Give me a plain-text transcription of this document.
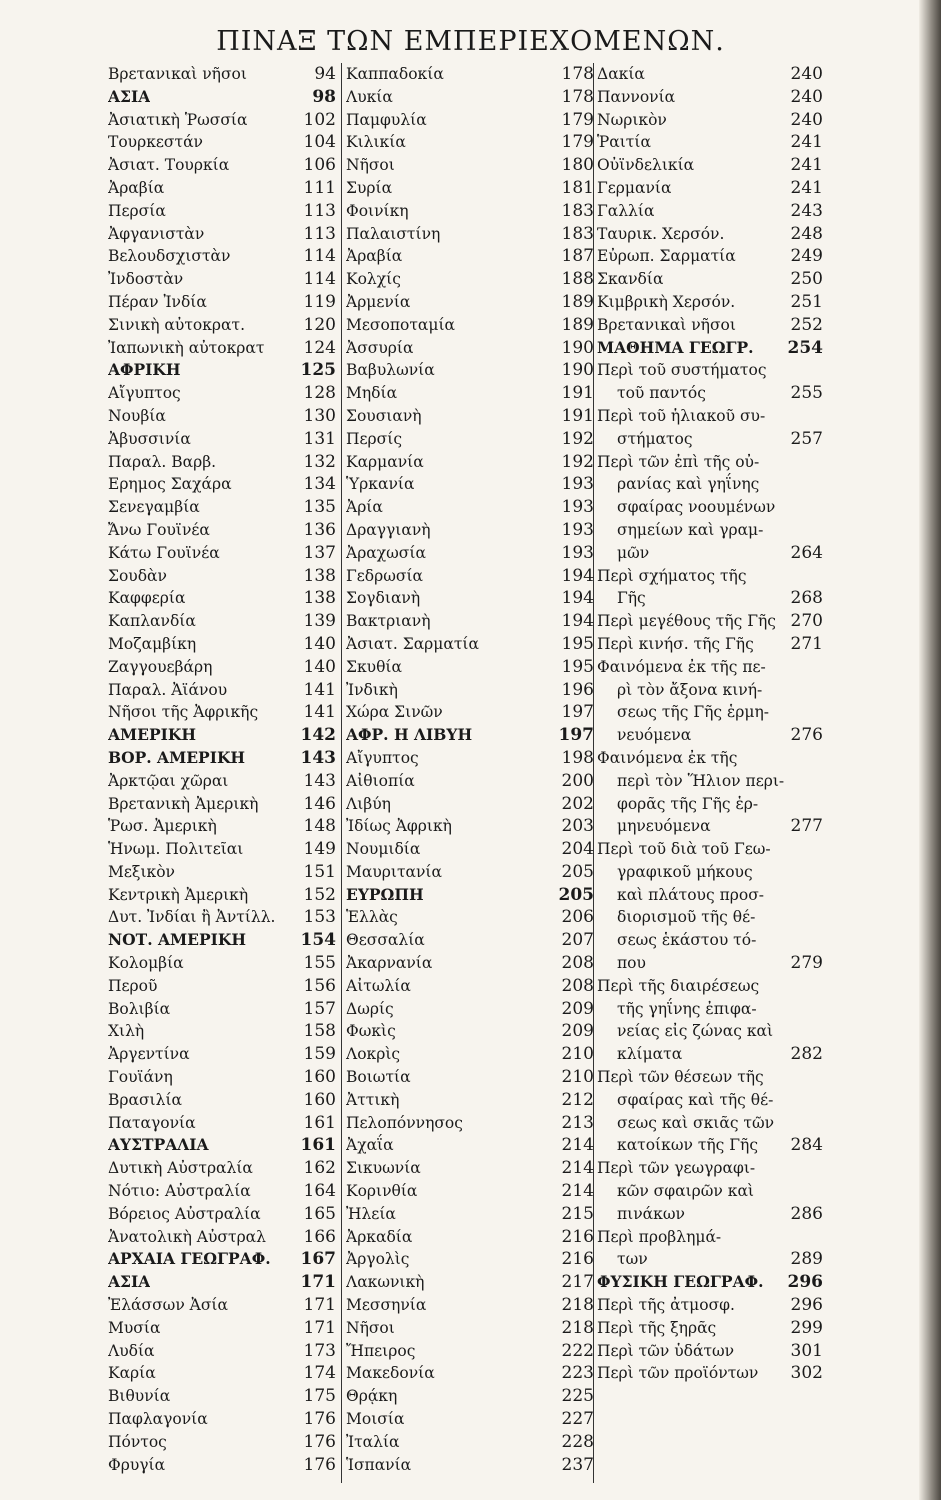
ΠΙΝΑΞ ΤΩΝ ΕΜΠΕΡΙΕΧΟΜΕΝΩΝ.
Βρετανικαὶ νῆσοι	94
ΑΣΙΑ	98
Ἀσιατικὴ Ῥωσσία	102
Τουρκεστάν	104
Ἀσιατ. Τουρκία	106
Ἀραβία	111
Περσία	113
Ἀφγανιστὰν	113
Βελουδσχιστὰν	114
Ἰνδοστὰν	114
Πέραν Ἰνδία	119
Σινικὴ αὐτοκρατ.	120
Ἰαπωνικὴ αὐτοκρατ	124
ΑΦΡΙΚΗ	125
Αἴγυπτος	128
Νουβία	130
Ἀβυσσινία	131
Παραλ. Βαρβ.	132
Ερημος Σαχάρα	134
Σενεγαμβία	135
Ἄνω Γουϊνέα	136
Κάτω Γουϊνέα	137
Σουδὰν	138
Καφφερία	138
Καπλανδία	139
Μοζαμβίκη	140
Ζαγγουεβάρη	140
Παραλ. Ἀϊάνου	141
Νῆσοι τῆς Ἀφρικῆς	141
ΑΜΕΡΙΚΗ	142
ΒΟΡ. ΑΜΕΡΙΚΗ	143
Ἀρκτῷαι χῶραι	143
Βρετανικὴ Ἀμερικὴ	146
Ῥωσ. Ἀμερικὴ	148
Ἡνωμ. Πολιτεῖαι	149
Μεξικὸν	151
Κεντρικὴ Ἀμερικὴ	152
Δυτ. Ἰνδίαι ἢ Ἀντίλλ.	153
ΝΟΤ. ΑΜΕΡΙΚΗ	154
Κολομβία	155
Περοῦ	156
Βολιβία	157
Χιλὴ	158
Ἀργεντίνα	159
Γουϊάνη	160
Βρασιλία	160
Παταγονία	161
ΑΥΣΤΡΑΛΙΑ	161
Δυτικὴ Αὐστραλία	162
Νότιο: Αὐστραλία	164
Βόρειος Αὐστραλία	165
Ἀνατολικὴ Αὐστραλ	166
ΑΡΧΑΙΑ ΓΕΩΓΡΑΦ.	167
ΑΣΙΑ	171
Ἐλάσσων Ἀσία	171
Μυσία	171
Λυδία	173
Καρία	174
Βιθυνία	175
Παφλαγονία	176
Πόντος	176
Φρυγία	176
Καππαδοκία	178
Λυκία	178
Παμφυλία	179
Κιλικία	179
Νῆσοι	180
Συρία	181
Φοινίκη	183
Παλαιστίνη	183
Ἀραβία	187
Κολχίς	188
Ἀρμενία	189
Μεσοποταμία	189
Ἀσσυρία	190
Βαβυλωνία	190
Μηδία	191
Σουσιανὴ	191
Περσίς	192
Καρμανία	192
Ὑρκανία	193
Ἀρία	193
Δραγγιανὴ	193
Ἀραχωσία	193
Γεδρωσία	194
Σογδιανὴ	194
Βακτριανὴ	194
Ἀσιατ. Σαρματία	195
Σκυθία	195
Ἰνδικὴ	196
Χώρα Σινῶν	197
ΑΦΡ. Η ΛΙΒΥΗ	197
Αἴγυπτος	198
Αἰθιοπία	200
Λιβύη	202
Ἰδίως Ἀφρικὴ	203
Νουμιδία	204
Μαυριτανία	205
ΕΥΡΩΠΗ	205
Ἑλλὰς	206
Θεσσαλία	207
Ἀκαρνανία	208
Αἰτωλία	208
Δωρίς	209
Φωκὶς	209
Λοκρὶς	210
Βοιωτία	210
Ἀττικὴ	212
Πελοπόννησος	213
Ἀχαΐα	214
Σικυωνία	214
Κορινθία	214
Ἠλεία	215
Ἀρκαδία	216
Ἀργολὶς	216
Λακωνικὴ	217
Μεσσηνία	218
Νῆσοι	218
Ἤπειρος	222
Μακεδονία	223
Θρᾴκη	225
Μοισία	227
Ἰταλία	228
Ἱσπανία	237
Δακία	240
Παννονία	240
Νωρικὸν	240
Ῥαιτία	241
Οὐϊνδελικία	241
Γερμανία	241
Γαλλία	243
Ταυρικ. Χερσόν.	248
Εὐρωπ. Σαρματία	249
Σκανδία	250
Κιμβρικὴ Χερσόν.	251
Βρετανικαὶ νῆσοι	252
ΜΑΘΗΜΑ ΓΕΩΓΡ.	254
Περὶ τοῦ συστήματος
τοῦ παντός	255
Περὶ τοῦ ἡλιακοῦ συ-
στήματος	257
Περὶ τῶν ἐπὶ τῆς οὐ-
ρανίας καὶ γηΐνης
σφαίρας νοουμένων
σημείων καὶ γραμ-
μῶν	264
Περὶ σχήματος τῆς
Γῆς	268
Περὶ μεγέθους τῆς Γῆς 270
Περὶ κινήσ. τῆς Γῆς	271
Φαινόμενα ἐκ τῆς πε-
ρὶ τὸν ἄξονα κινή-
σεως τῆς Γῆς ἑρμη-
νευόμενα	276
Φαινόμενα ἐκ τῆς
περὶ τὸν Ἥλιον περι-
φορᾶς τῆς Γῆς ἑρ-
μηνευόμενα	277
Περὶ τοῦ διὰ τοῦ Γεω-
γραφικοῦ μήκους
καὶ πλάτους προσ-
διορισμοῦ τῆς θέ-
σεως ἑκάστου τό-
που	279
Περὶ τῆς διαιρέσεως
τῆς γηΐνης ἐπιφα-
νείας εἰς ζώνας καὶ
κλίματα	282
Περὶ τῶν θέσεων τῆς
σφαίρας καὶ τῆς θέ-
σεως καὶ σκιᾶς τῶν
κατοίκων τῆς Γῆς	284
Περὶ τῶν γεωγραφι-
κῶν σφαιρῶν καὶ
πινάκων	286
Περὶ προβλημά-
των	289
ΦΥΣΙΚΗ ΓΕΩΓΡΑΦ.	296
Περὶ τῆς ἀτμοσφ.	296
Περὶ τῆς ξηρᾶς	299
Περὶ τῶν ὑδάτων	301
Περὶ τῶν προϊόντων	302
